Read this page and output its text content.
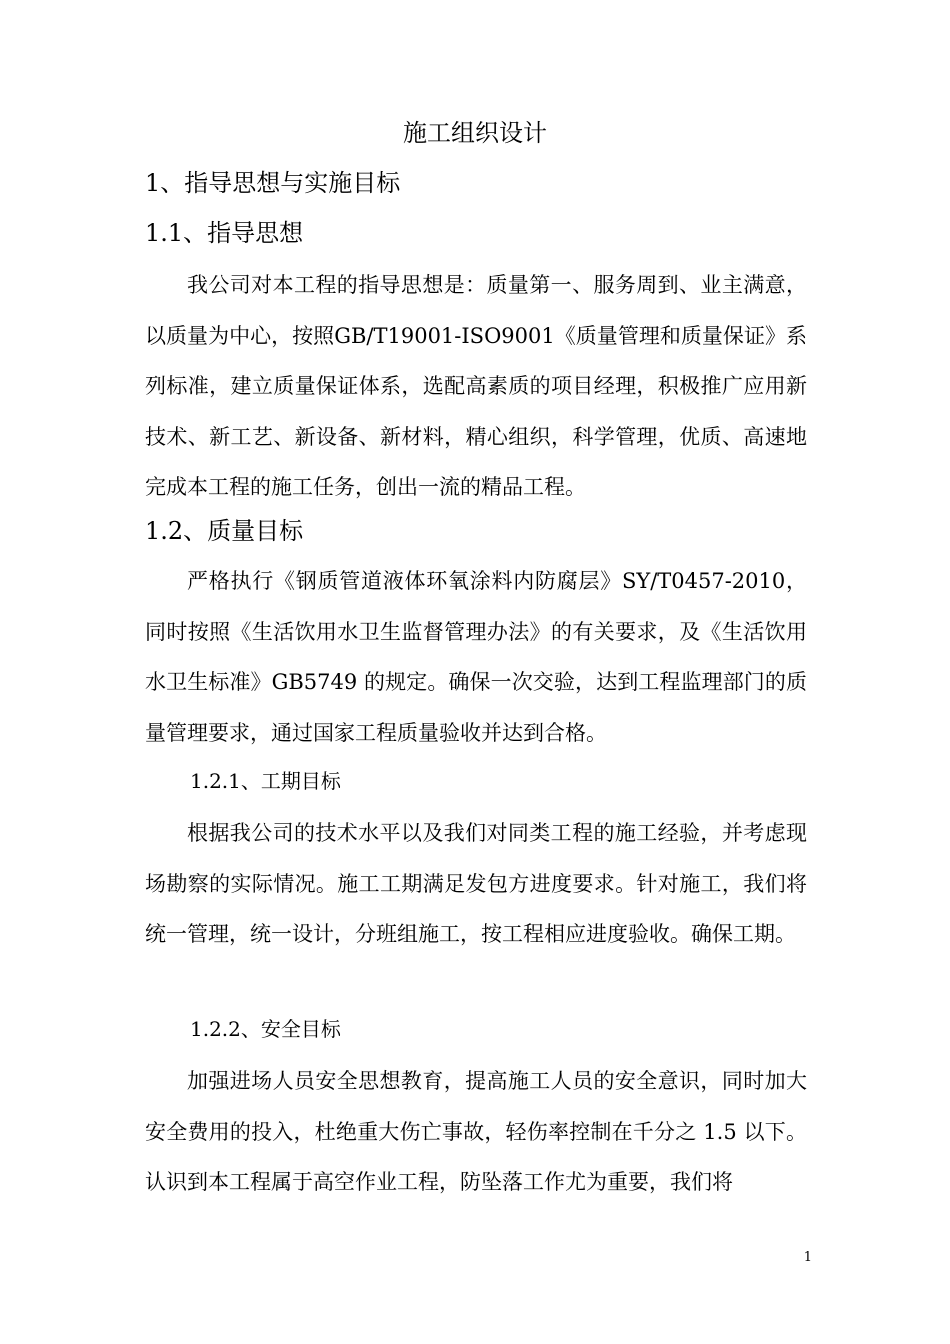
施工组织设计
1、指导思想与实施目标
1.1、指导思想

我公司对本工程的指导思想是：质量第一、服务周到、业主满意，以质量为中心，按照GB/T19001-ISO9001《质量管理和质量保证》系列标准，建立质量保证体系，选配高素质的项目经理，积极推广应用新技术、新工艺、新设备、新材料，精心组织，科学管理，优质、高速地完成本工程的施工任务，创出一流的精品工程。

1.2、质量目标

严格执行《钢质管道液体环氧涂料内防腐层》SY/T0457-2010，同时按照《生活饮用水卫生监督管理办法》的有关要求，及《生活饮用水卫生标准》GB5749 的规定。确保一次交验，达到工程监理部门的质量管理要求，通过国家工程质量验收并达到合格。

1.2.1、工期目标

根据我公司的技术水平以及我们对同类工程的施工经验，并考虑现场勘察的实际情况。施工工期满足发包方进度要求。针对施工，我们将统一管理，统一设计，分班组施工，按工程相应进度验收。确保工期。

1.2.2、安全目标

加强进场人员安全思想教育，提高施工人员的安全意识，同时加大安全费用的投入，杜绝重大伤亡事故，轻伤率控制在千分之 1.5 以下。认识到本工程属于高空作业工程，防坠落工作尤为重要，我们将

1
